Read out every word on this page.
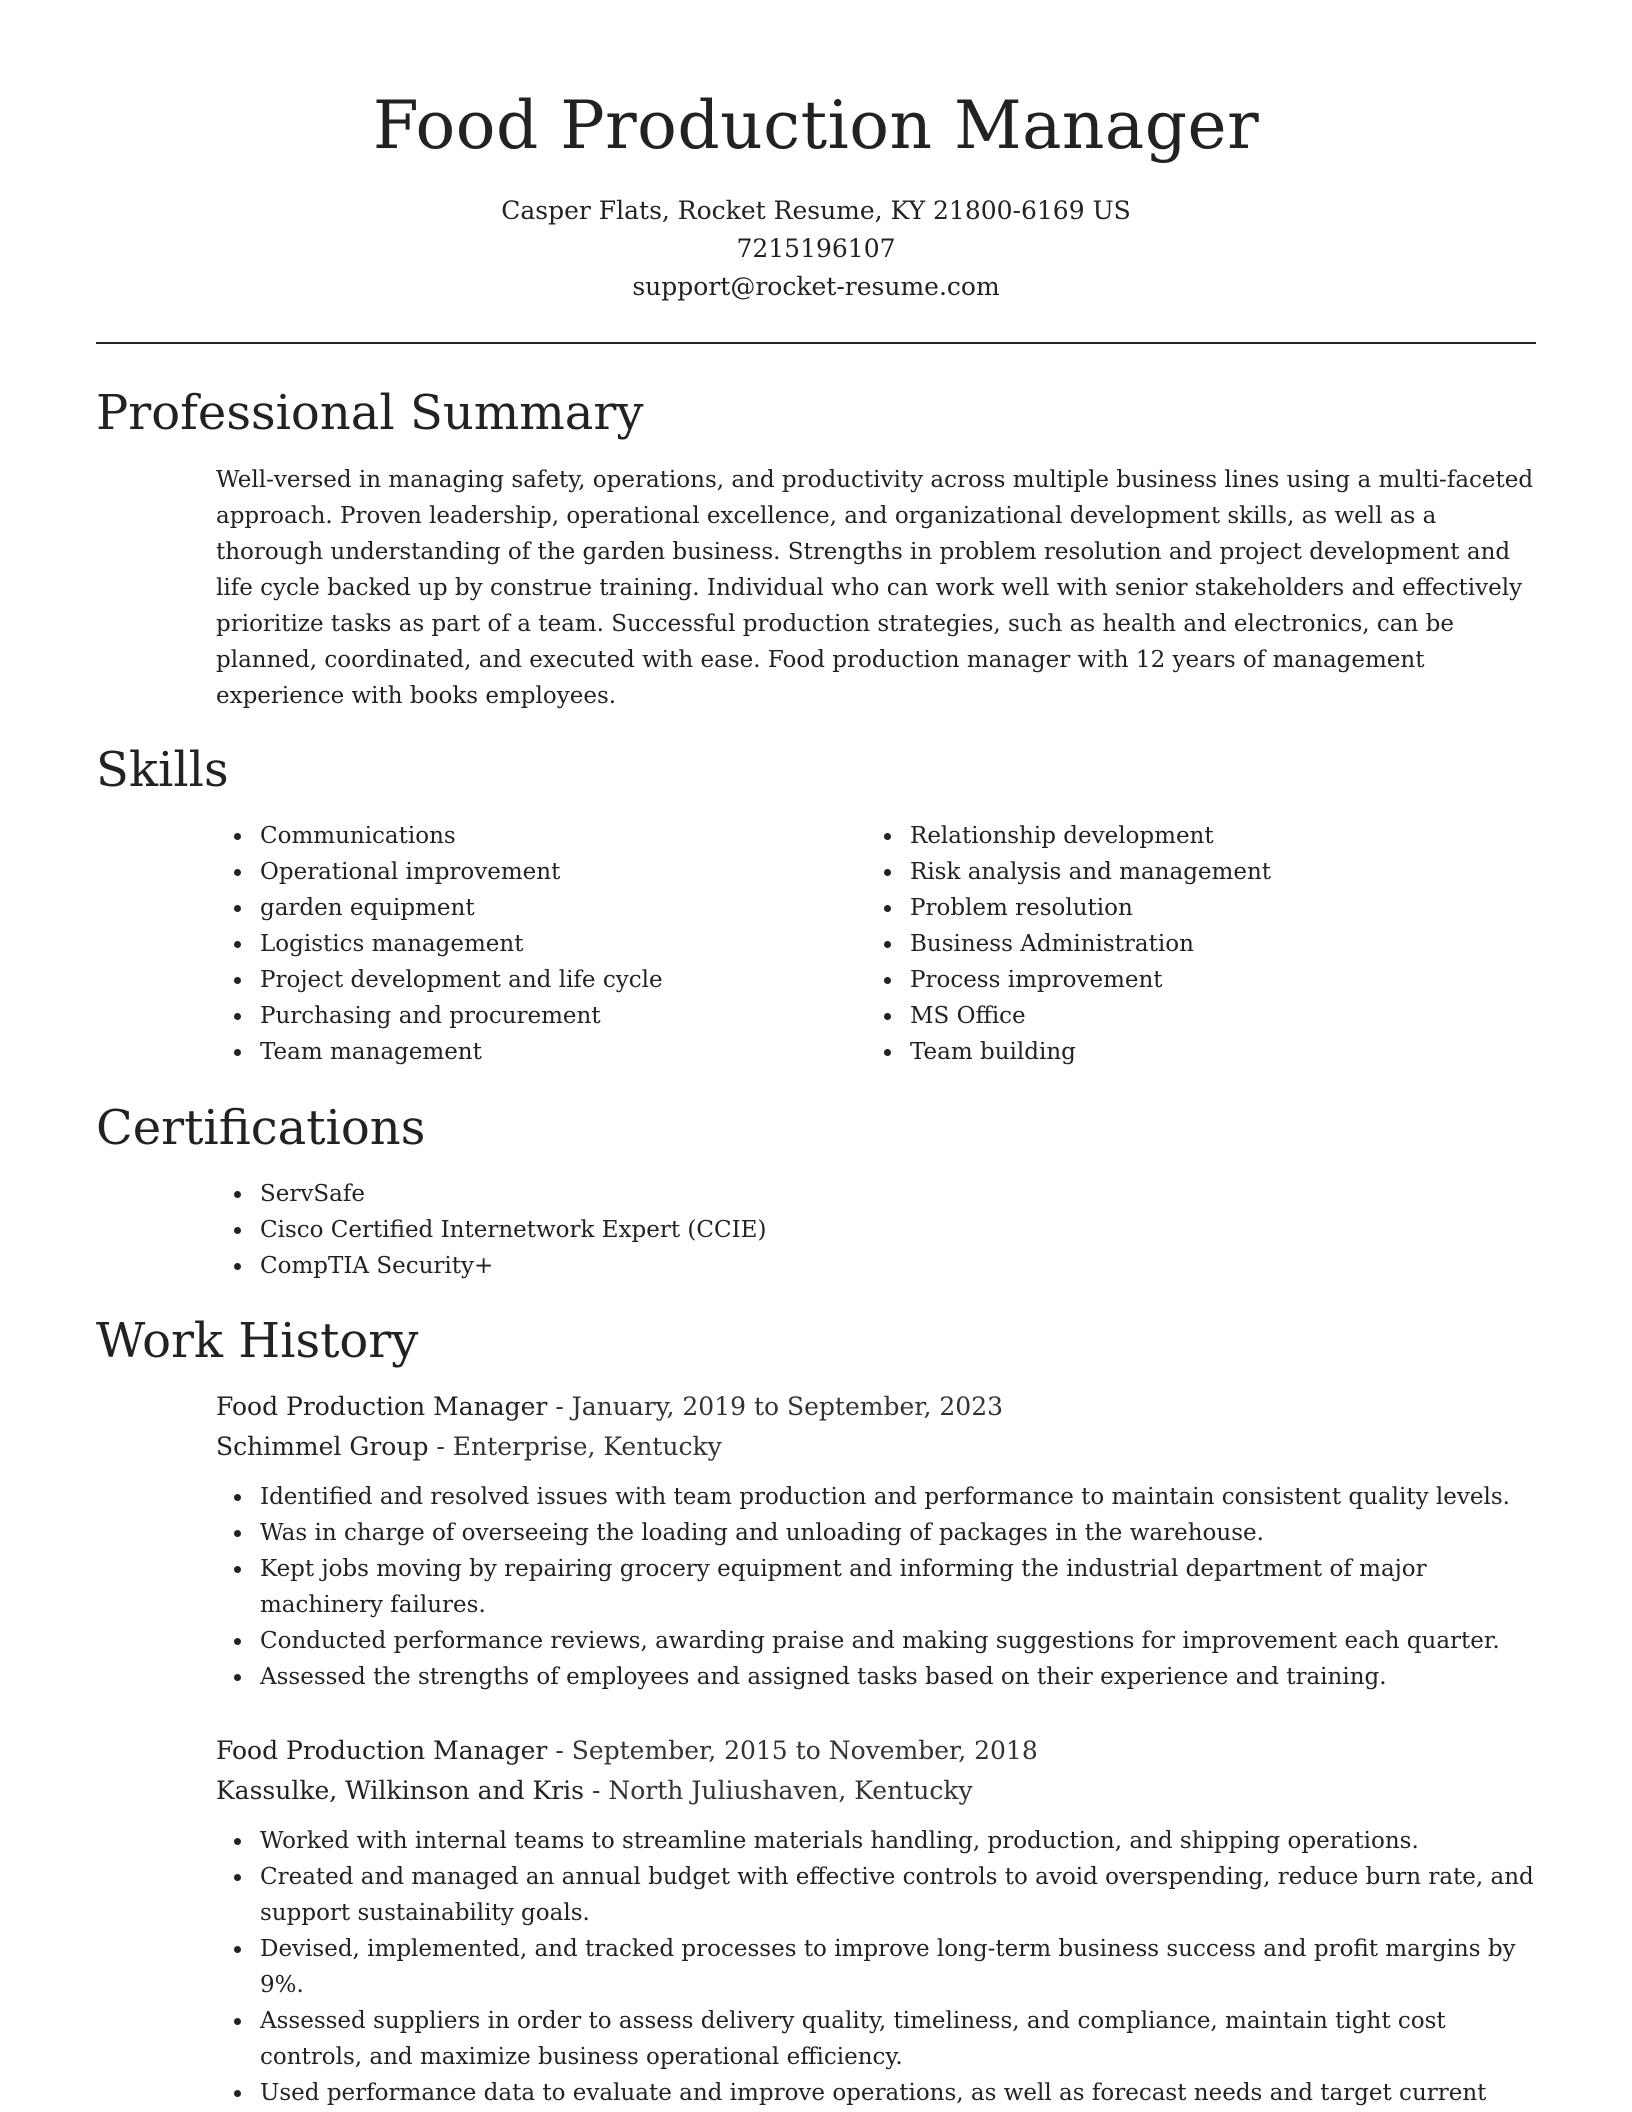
Food Production Manager
Casper Flats, Rocket Resume, KY 21800-6169 US
7215196107
support@rocket-resume.com
Professional Summary
Well-versed in managing safety, operations, and productivity across multiple business lines using a multi-faceted approach. Proven leadership, operational excellence, and organizational development skills, as well as a thorough understanding of the garden business. Strengths in problem resolution and project development and life cycle backed up by construe training. Individual who can work well with senior stakeholders and effectively prioritize tasks as part of a team. Successful production strategies, such as health and electronics, can be planned, coordinated, and executed with ease. Food production manager with 12 years of management experience with books employees.
Skills
Communications
Operational improvement
garden equipment
Logistics management
Project development and life cycle
Purchasing and procurement
Team management
Relationship development
Risk analysis and management
Problem resolution
Business Administration
Process improvement
MS Office
Team building
Certifications
ServSafe
Cisco Certified Internetwork Expert (CCIE)
CompTIA Security+
Work History
Food Production Manager - January, 2019 to September, 2023
Schimmel Group - Enterprise, Kentucky
Identified and resolved issues with team production and performance to maintain consistent quality levels.
Was in charge of overseeing the loading and unloading of packages in the warehouse.
Kept jobs moving by repairing grocery equipment and informing the industrial department of major machinery failures.
Conducted performance reviews, awarding praise and making suggestions for improvement each quarter.
Assessed the strengths of employees and assigned tasks based on their experience and training.
Food Production Manager - September, 2015 to November, 2018
Kassulke, Wilkinson and Kris - North Juliushaven, Kentucky
Worked with internal teams to streamline materials handling, production, and shipping operations.
Created and managed an annual budget with effective controls to avoid overspending, reduce burn rate, and support sustainability goals.
Devised, implemented, and tracked processes to improve long-term business success and profit margins by 9%.
Assessed suppliers in order to assess delivery quality, timeliness, and compliance, maintain tight cost controls, and maximize business operational efficiency.
Used performance data to evaluate and improve operations, as well as forecast needs and target current
